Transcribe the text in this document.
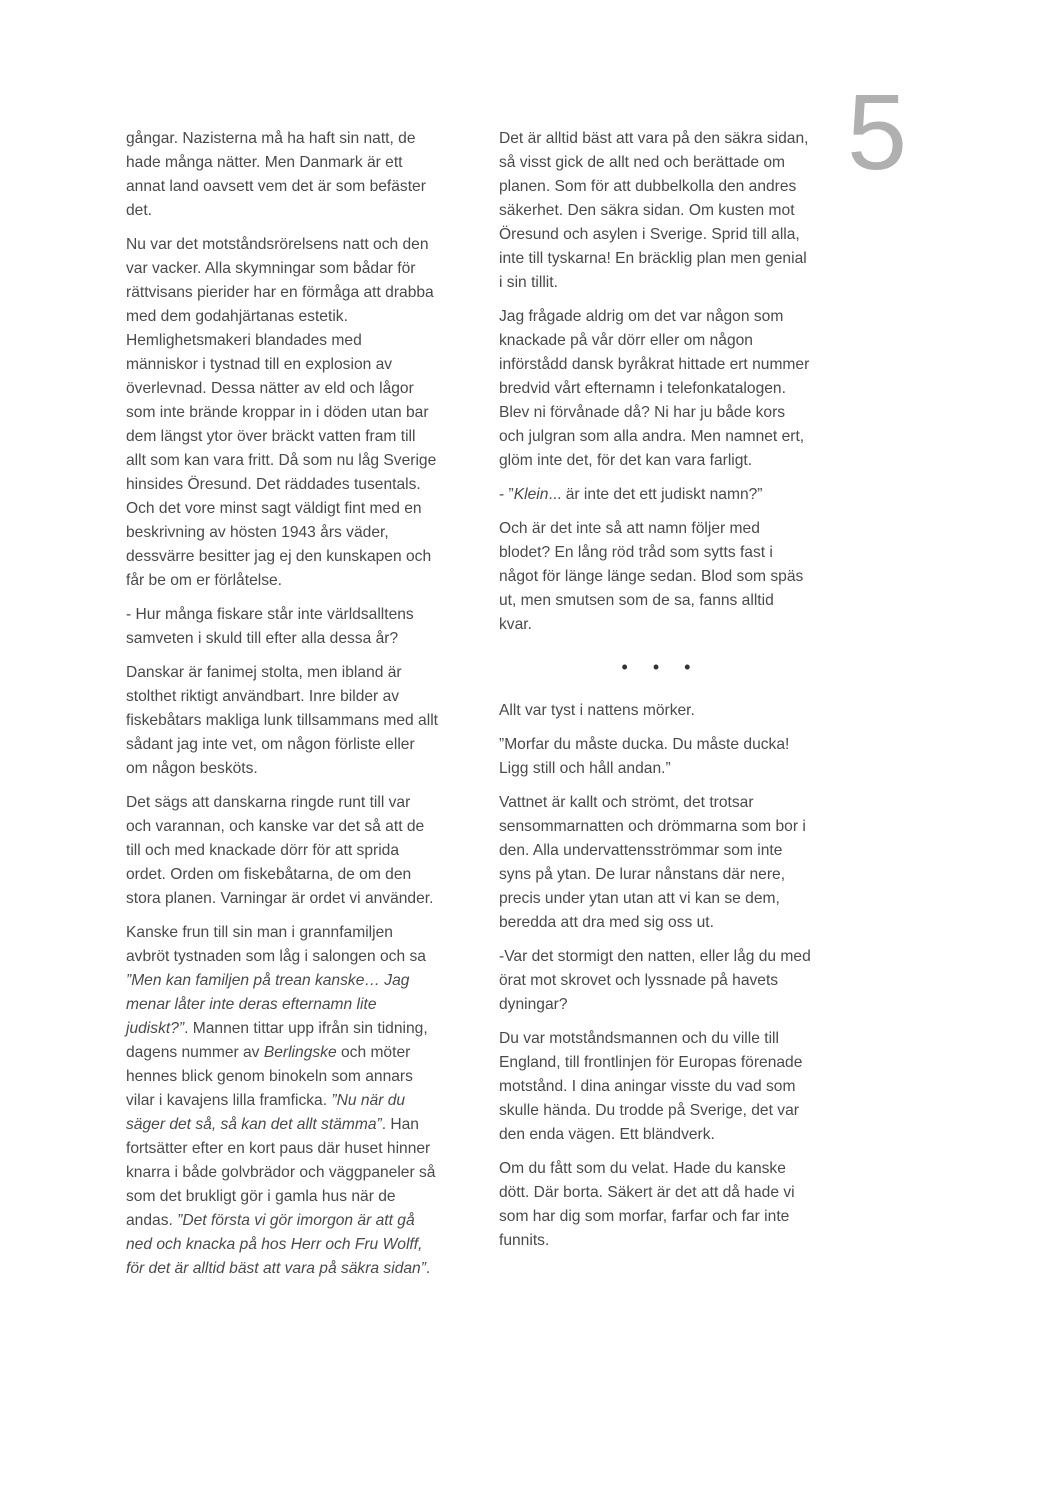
5

gångar. Nazisterna må ha haft sin natt, de hade många nätter. Men Danmark är ett annat land oavsett vem det är som befäster det.

Nu var det motståndsrörelsens natt och den var vacker. Alla skymningar som bådar för rättvisans pierider har en förmåga att drabba med dem godahjärtanas estetik. Hemlighetsmakeri blandades med människor i tystnad till en explosion av överlevnad. Dessa nätter av eld och lågor som inte brände kroppar in i döden utan bar dem längst ytor över bräckt vatten fram till allt som kan vara fritt. Då som nu låg Sverige hinsides Öresund. Det räddades tusentals. Och det vore minst sagt väldigt fint med en beskrivning av hösten 1943 års väder, dessvärre besitter jag ej den kunskapen och får be om er förlåtelse.

- Hur många fiskare står inte världsalltens samveten i skuld till efter alla dessa år?

Danskar är fanimej stolta, men ibland är stolthet riktigt användbart. Inre bilder av fiskebåtars makliga lunk tillsammans med allt sådant jag inte vet, om någon förliste eller om någon besköts.

Det sägs att danskarna ringde runt till var och varannan, och kanske var det så att de till och med knackade dörr för att sprida ordet. Orden om fiskebåtarna, de om den stora planen. Varningar är ordet vi använder.

Kanske frun till sin man i grannfamiljen avbröt tystnaden som låg i salongen och sa ”Men kan familjen på trean kanske… Jag menar låter inte deras efternamn lite judiskt?”. Mannen tittar upp ifrån sin tidning, dagens nummer av Berlingske och möter hennes blick genom binokeln som annars vilar i kavajens lilla framficka. ”Nu när du säger det så, så kan det allt stämma”. Han fortsätter efter en kort paus där huset hinner knarra i både golvbrädor och väggpaneler så som det brukligt gör i gamla hus när de andas. ”Det första vi gör imorgon är att gå ned och knacka på hos Herr och Fru Wolff, för det är alltid bäst att vara på säkra sidan”.

Det är alltid bäst att vara på den säkra sidan, så visst gick de allt ned och berättade om planen. Som för att dubbelkolla den andres säkerhet. Den säkra sidan. Om kusten mot Öresund och asylen i Sverige. Sprid till alla, inte till tyskarna! En bräcklig plan men genial i sin tillit.

Jag frågade aldrig om det var någon som knackade på vår dörr eller om någon införstådd dansk byråkrat hittade ert nummer bredvid vårt efternamn i telefonkatalogen. Blev ni förvånade då? Ni har ju både kors och julgran som alla andra. Men namnet ert, glöm inte det, för det kan vara farligt.

- ”Klein... är inte det ett judiskt namn?”

Och är det inte så att namn följer med blodet? En lång röd tråd som sytts fast i något för länge länge sedan. Blod som späs ut, men smutsen som de sa, fanns alltid kvar.

• • •

Allt var tyst i nattens mörker.

”Morfar du måste ducka. Du måste ducka! Ligg still och håll andan.”

Vattnet är kallt och strömt, det trotsar sensommarnatten och drömmarna som bor i den. Alla undervattensströmmar som inte syns på ytan. De lurar nånstans där nere, precis under ytan utan att vi kan se dem, beredda att dra med sig oss ut.

-Var det stormigt den natten, eller låg du med örat mot skrovet och lyssnade på havets dyningar?

Du var motståndsmannen och du ville till England, till frontlinjen för Europas förenade motstånd. I dina aningar visste du vad som skulle hända. Du trodde på Sverige, det var den enda vägen. Ett bländverk.

Om du fått som du velat. Hade du kanske dött. Där borta. Säkert är det att då hade vi som har dig som morfar, farfar och far inte funnits.
